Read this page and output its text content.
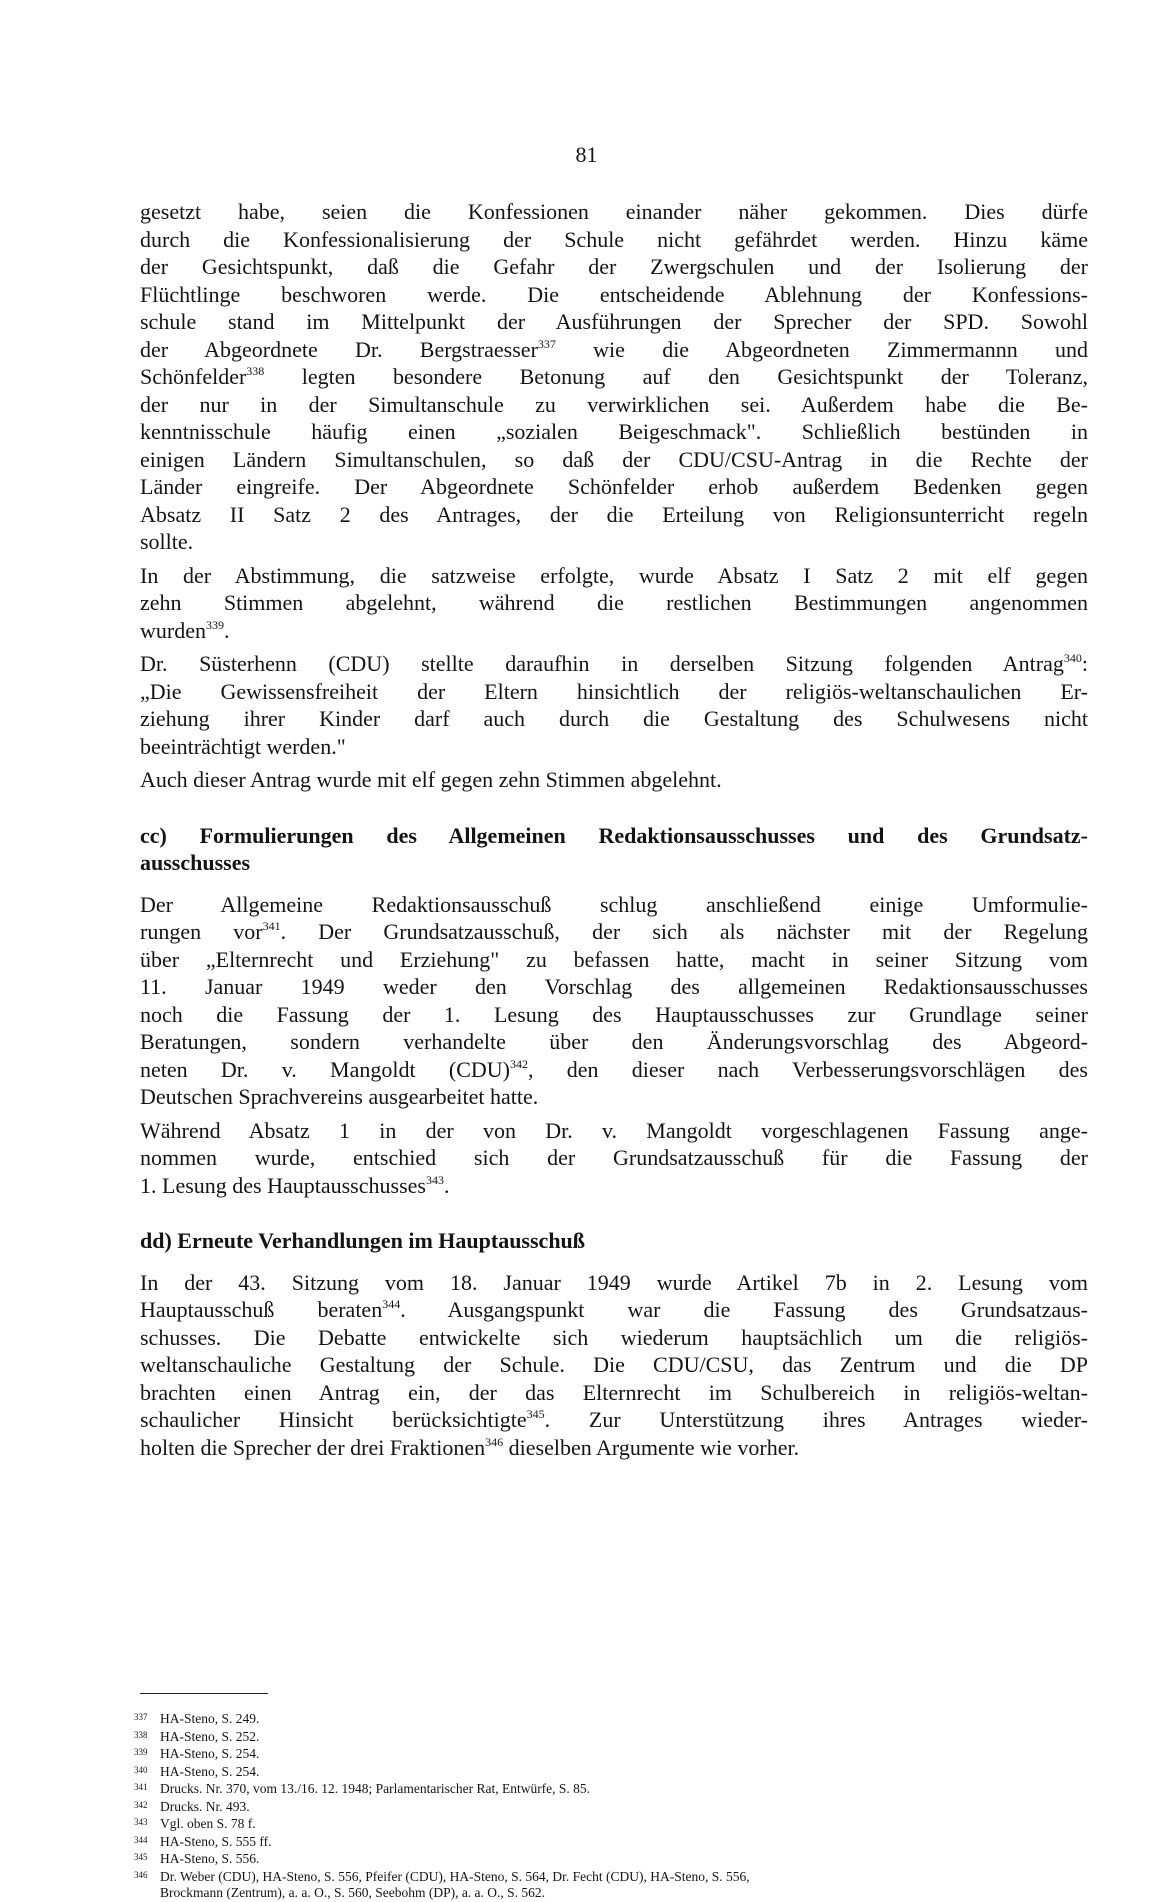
81
gesetzt habe, seien die Konfessionen einander näher gekommen. Dies dürfe
durch die Konfessionalisierung der Schule nicht gefährdet werden. Hinzu käme
der Gesichtspunkt, daß die Gefahr der Zwergschulen und der Isolierung der
Flüchtlinge beschworen werde. Die entscheidende Ablehnung der Konfessions-
schule stand im Mittelpunkt der Ausführungen der Sprecher der SPD. Sowohl
der Abgeordnete Dr. Bergstraesser$^{337}$ wie die Abgeordneten Zimmermannn und
Schönfelder$^{338}$ legten besondere Betonung auf den Gesichtspunkt der Toleranz,
der nur in der Simultanschule zu verwirklichen sei. Außerdem habe die Be-
kenntnisschule häufig einen „sozialen Beigeschmack". Schließlich bestünden in
einigen Ländern Simultanschulen, so daß der CDU/CSU-Antrag in die Rechte der
Länder eingreife. Der Abgeordnete Schönfelder erhob außerdem Bedenken gegen
Absatz II Satz 2 des Antrages, der die Erteilung von Religionsunterricht regeln
sollte.
In der Abstimmung, die satzweise erfolgte, wurde Absatz I Satz 2 mit elf gegen
zehn Stimmen abgelehnt, während die restlichen Bestimmungen angenommen
wurden$^{339}$.
Dr. Süsterhenn (CDU) stellte daraufhin in derselben Sitzung folgenden Antrag$^{340}$:
„Die Gewissensfreiheit der Eltern hinsichtlich der religiös-weltanschaulichen Er-
ziehung ihrer Kinder darf auch durch die Gestaltung des Schulwesens nicht
beeinträchtigt werden."
Auch dieser Antrag wurde mit elf gegen zehn Stimmen abgelehnt.
cc) Formulierungen des Allgemeinen Redaktionsausschusses und des Grundsatz-
ausschusses
Der Allgemeine Redaktionsausschuß schlug anschließend einige Umformulie-
rungen vor$^{341}$. Der Grundsatzausschuß, der sich als nächster mit der Regelung
über „Elternrecht und Erziehung" zu befassen hatte, macht in seiner Sitzung vom
11. Januar 1949 weder den Vorschlag des allgemeinen Redaktionsausschusses
noch die Fassung der 1. Lesung des Hauptausschusses zur Grundlage seiner
Beratungen, sondern verhandelte über den Änderungsvorschlag des Abgeord-
neten Dr. v. Mangoldt (CDU)$^{342}$, den dieser nach Verbesserungsvorschlägen des
Deutschen Sprachvereins ausgearbeitet hatte.
Während Absatz 1 in der von Dr. v. Mangoldt vorgeschlagenen Fassung ange-
nommen wurde, entschied sich der Grundsatzausschuß für die Fassung der
1. Lesung des Hauptausschusses$^{343}$.
dd) Erneute Verhandlungen im Hauptausschuß
In der 43. Sitzung vom 18. Januar 1949 wurde Artikel 7b in 2. Lesung vom
Hauptausschuß beraten$^{344}$. Ausgangspunkt war die Fassung des Grundsatzaus-
schusses. Die Debatte entwickelte sich wiederum hauptsächlich um die religiös-
weltanschauliche Gestaltung der Schule. Die CDU/CSU, das Zentrum und die DP
brachten einen Antrag ein, der das Elternrecht im Schulbereich in religiös-weltan-
schaulicher Hinsicht berücksichtigte$^{345}$. Zur Unterstützung ihres Antrages wieder-
holten die Sprecher der drei Fraktionen$^{346}$ dieselben Argumente wie vorher.
337 HA-Steno, S. 249.
338 HA-Steno, S. 252.
339 HA-Steno, S. 254.
340 HA-Steno, S. 254.
341 Drucks. Nr. 370, vom 13./16. 12. 1948; Parlamentarischer Rat, Entwürfe, S. 85.
342 Drucks. Nr. 493.
343 Vgl. oben S. 78 f.
344 HA-Steno, S. 555 ff.
345 HA-Steno, S. 556.
346 Dr. Weber (CDU), HA-Steno, S. 556, Pfeifer (CDU), HA-Steno, S. 564, Dr. Fecht (CDU), HA-Steno, S. 556,
Brockmann (Zentrum), a. a. O., S. 560, Seebohm (DP), a. a. O., S. 562.
